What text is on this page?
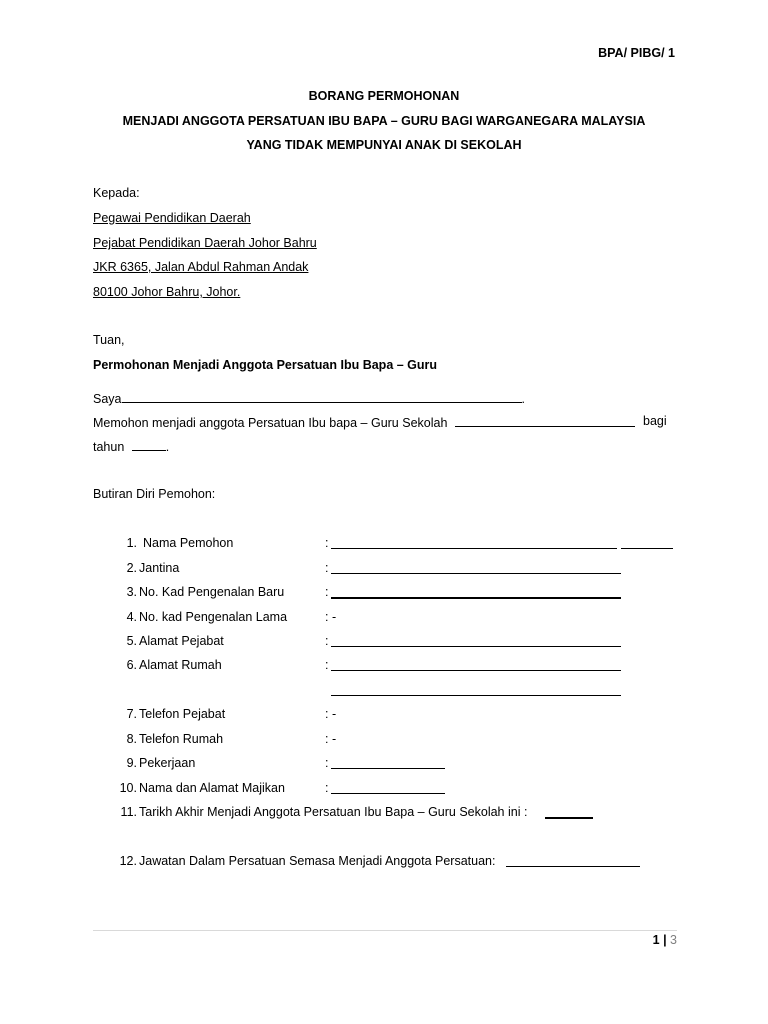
BPA/ PIBG/ 1
BORANG PERMOHONAN
MENJADI ANGGOTA PERSATUAN IBU BAPA – GURU BAGI WARGANEGARA MALAYSIA
YANG TIDAK MEMPUNYAI ANAK DI SEKOLAH
Kepada:
Pegawai Pendidikan Daerah
Pejabat Pendidikan Daerah Johor Bahru
JKR 6365, Jalan Abdul Rahman Andak
80100 Johor Bahru, Johor.
Tuan,
Permohonan Menjadi Anggota Persatuan Ibu Bapa – Guru
Saya	.
Memohon menjadi anggota Persatuan Ibu bapa – Guru Sekolah	bagi
tahun	.
Butiran Diri Pemohon:
1. Nama Pemohon	:
2. Jantina	:
3. No. Kad Pengenalan Baru	:
4. No. kad Pengenalan Lama	: -
5. Alamat Pejabat	:
6. Alamat Rumah	:
7. Telefon Pejabat	: -
8. Telefon Rumah	: -
9. Pekerjaan	:
10. Nama dan Alamat Majikan	:
11. Tarikh Akhir Menjadi Anggota Persatuan Ibu Bapa – Guru Sekolah ini :
12. Jawatan Dalam Persatuan Semasa Menjadi Anggota Persatuan:
1 | 3
